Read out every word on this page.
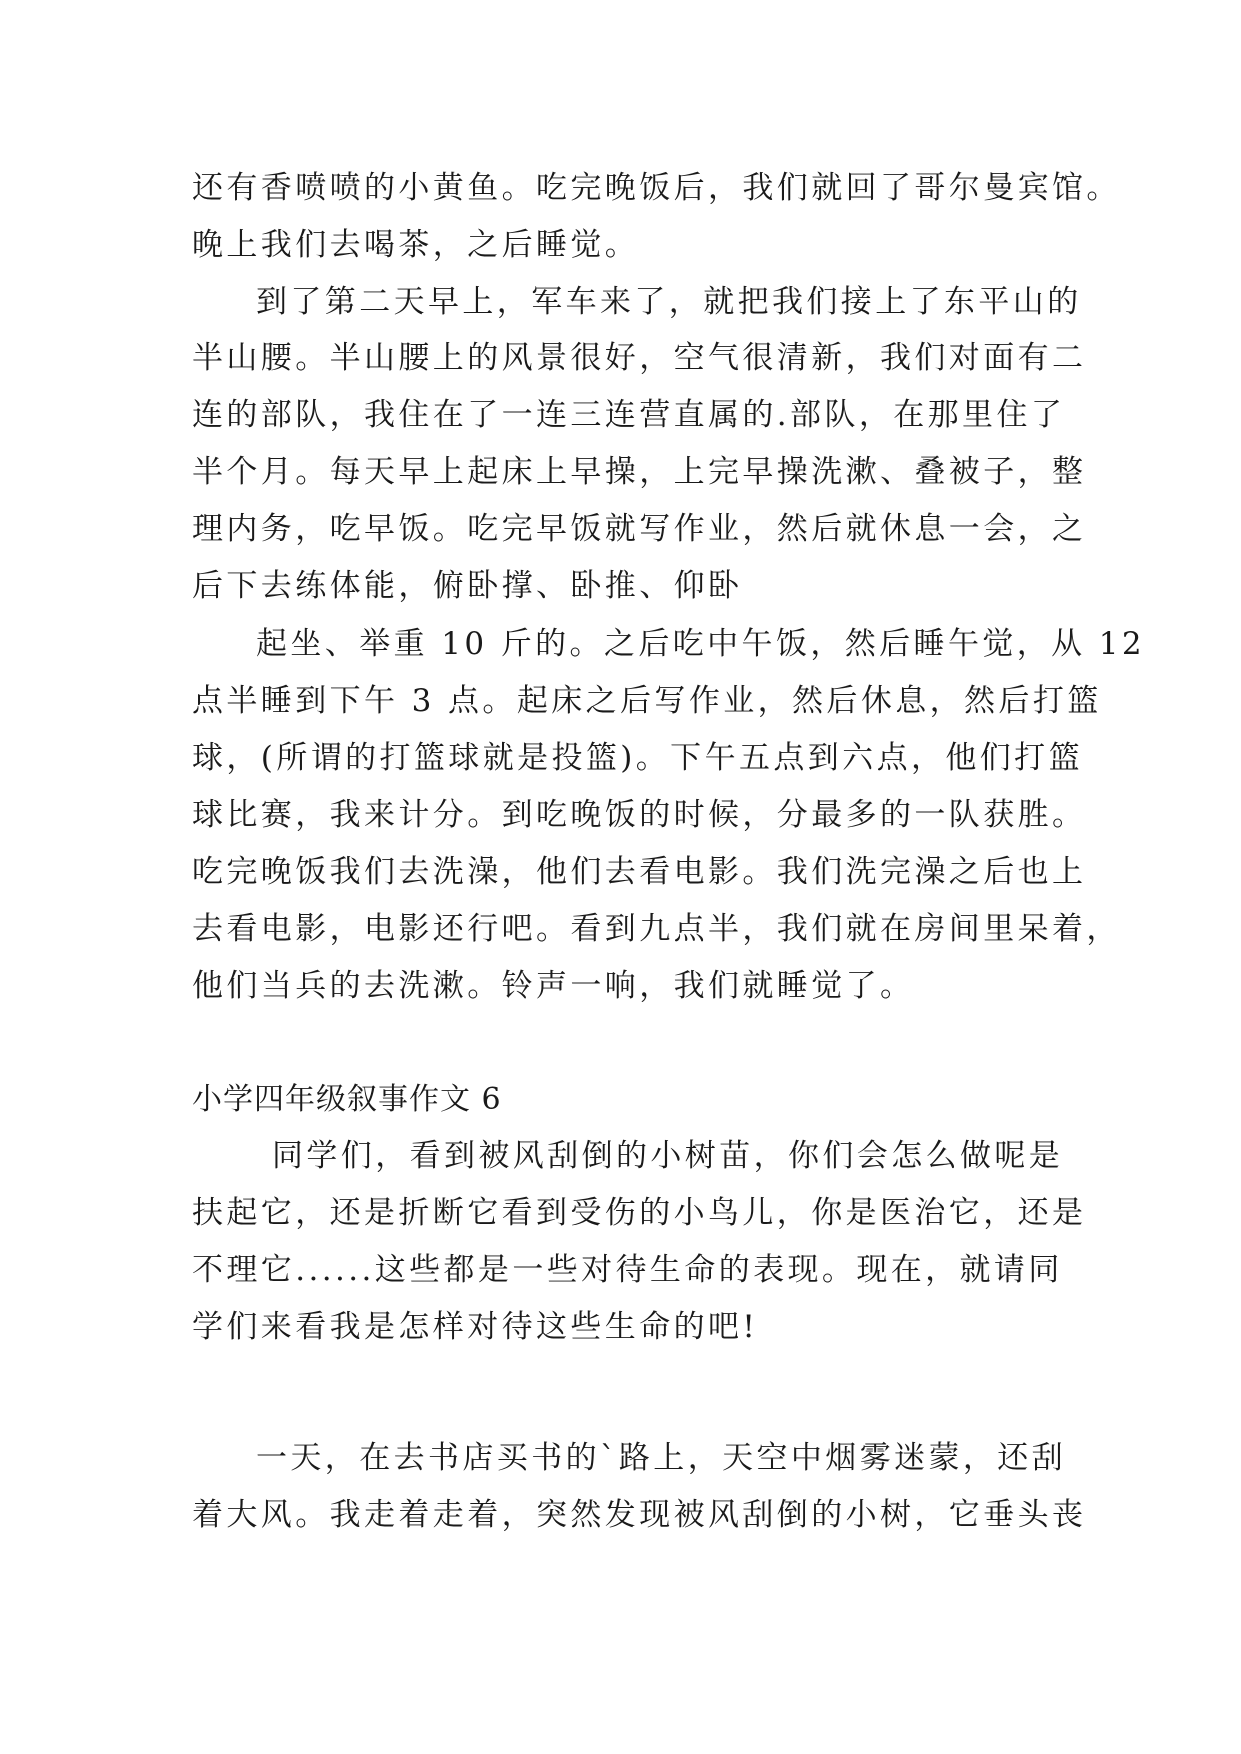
还有香喷喷的小黄鱼。吃完晚饭后，我们就回了哥尔曼宾馆。
晚上我们去喝茶，之后睡觉。
到了第二天早上，军车来了，就把我们接上了东平山的
半山腰。半山腰上的风景很好，空气很清新，我们对面有二
连的部队，我住在了一连三连营直属的.部队，在那里住了
半个月。每天早上起床上早操，上完早操洗漱、叠被子，整
理内务，吃早饭。吃完早饭就写作业，然后就休息一会，之
后下去练体能，俯卧撑、卧推、仰卧
起坐、举重 10 斤的。之后吃中午饭，然后睡午觉，从 12
点半睡到下午 3 点。起床之后写作业，然后休息，然后打篮
球，(所谓的打篮球就是投篮)。下午五点到六点，他们打篮
球比赛，我来计分。到吃晚饭的时候，分最多的一队获胜。
吃完晚饭我们去洗澡，他们去看电影。我们洗完澡之后也上
去看电影，电影还行吧。看到九点半，我们就在房间里呆着，
他们当兵的去洗漱。铃声一响，我们就睡觉了。
小学四年级叙事作文 6
同学们，看到被风刮倒的小树苗，你们会怎么做呢是
扶起它，还是折断它看到受伤的小鸟儿，你是医治它，还是
不理它......这些都是一些对待生命的表现。现在，就请同
学们来看我是怎样对待这些生命的吧!
一天，在去书店买书的`路上，天空中烟雾迷蒙，还刮
着大风。我走着走着，突然发现被风刮倒的小树，它垂头丧
